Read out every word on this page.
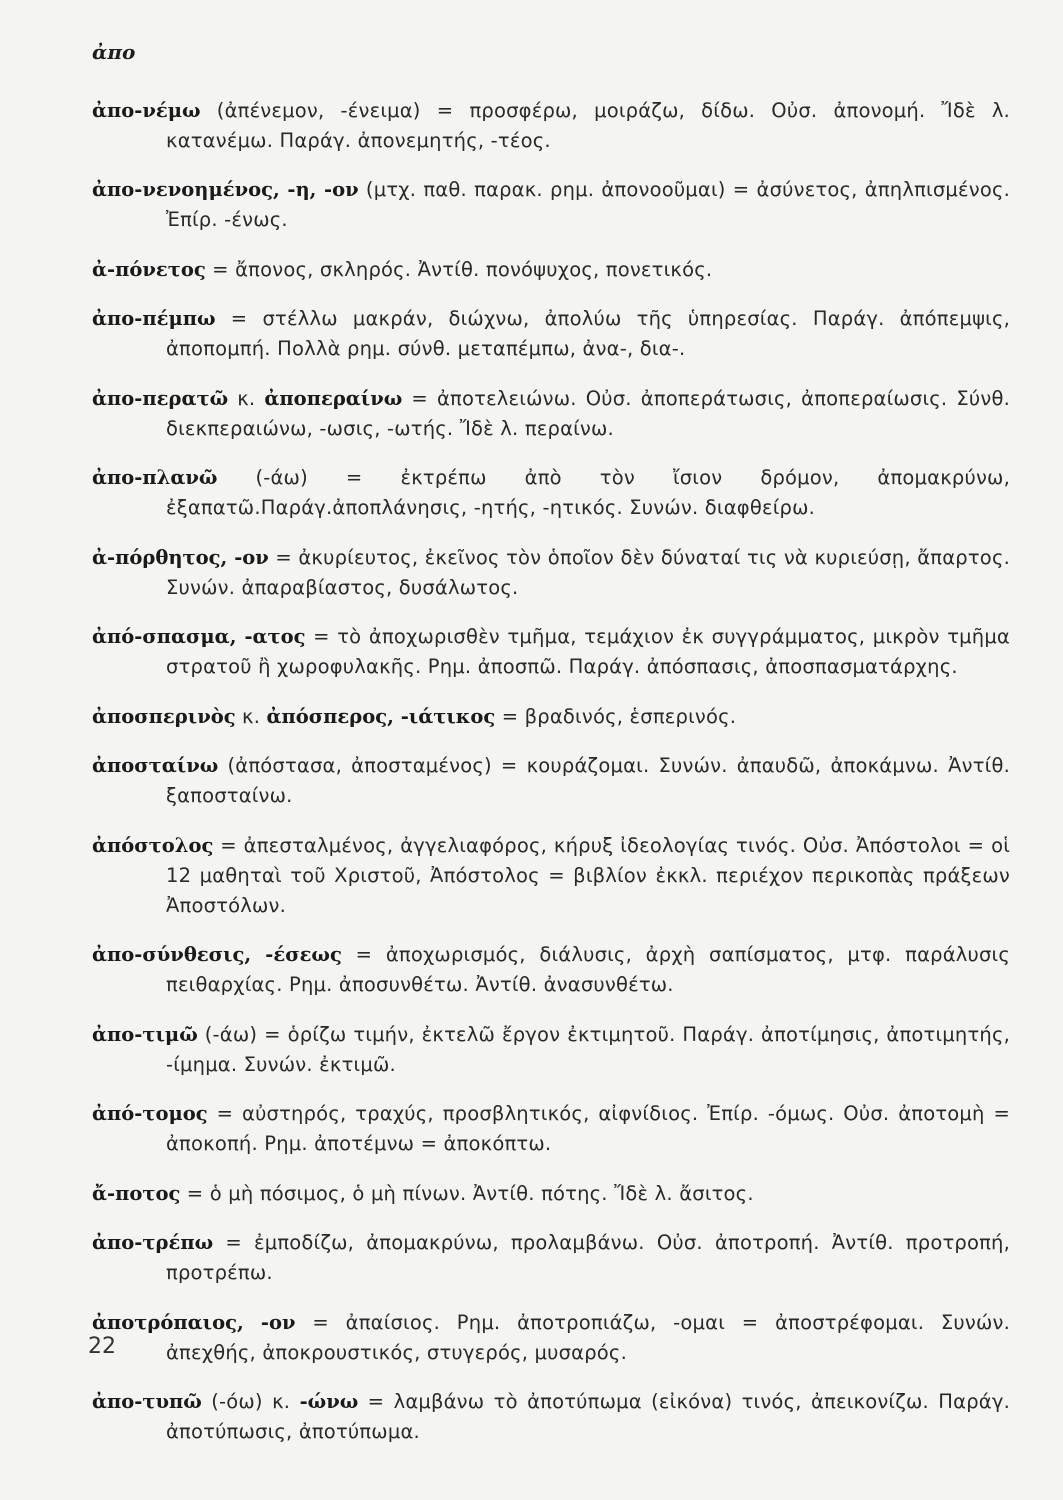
ἀπο

ἀπο-νέμω (ἀπένεμον, -ένειμα) = προσφέρω, μοιράζω, δίδω. Οὐσ. ἀπονομή. Ἴδὲ λ. κατανέμω. Παράγ. ἀπονεμητής, -τέος.

ἀπο-νενοημένος, -η, -ον (μτχ. παθ. παρακ. ρημ. ἀπονοοῦμαι) = ἀσύνετος, ἀπηλπισμένος. Ἐπίρ. -ένως.

ἀ-πόνετος = ἄπονος, σκληρός. Ἀντίθ. πονόψυχος, πονετικός.

ἀπο-πέμπω = στέλλω μακράν, διώχνω, ἀπολύω τῆς ὑπηρεσίας. Παράγ. ἀπόπεμψις, ἀποπομπή. Πολλὰ ρημ. σύνθ. μεταπέμπω, ἀνα-, δια-.

ἀπο-περατῶ κ. ἀποπεραίνω = ἀποτελειώνω. Οὐσ. ἀποπεράτωσις, ἀποπεραίωσις. Σύνθ. διεκπεραιώνω, -ωσις, -ωτής. Ἴδὲ λ. περαίνω.

ἀπο-πλανῶ (-άω) = ἐκτρέπω ἀπὸ τὸν ἴσιον δρόμον, ἀπομακρύνω, ἐξαπατῶ.Παράγ.ἀποπλάνησις, -ητής, -ητικός. Συνών. διαφθείρω.

ἀ-πόρθητος, -ον = ἀκυρίευτος, ἐκεῖνος τὸν ὁποῖον δὲν δύναταί τις νὰ κυριεύσῃ, ἄπαρτος. Συνών. ἀπαραβίαστος, δυσάλωτος.

ἀπό-σπασμα, -ατος = τὸ ἀποχωρισθὲν τμῆμα, τεμάχιον ἐκ συγγράμματος, μικρὸν τμῆμα στρατοῦ ἢ χωροφυλακῆς. Ρημ. ἀποσπῶ. Παράγ. ἀπόσπασις, ἀποσπασματάρχης.

ἀποσπερινὸς κ. ἀπόσπερος, -ιάτικος = βραδινός, ἑσπερινός.

ἀποσταίνω (ἀπόστασα, ἀποσταμένος) = κουράζομαι. Συνών. ἀπαυδῶ, ἀποκάμνω. Ἀντίθ. ξαποσταίνω.

ἀπόστολος = ἀπεσταλμένος, ἀγγελιαφόρος, κήρυξ ἰδεολογίας τινός. Οὐσ. Ἀπόστολοι = οἱ 12 μαθηταὶ τοῦ Χριστοῦ, Ἀπόστολος = βιβλίον ἐκκλ. περιέχον περικοπὰς πράξεων Ἀποστόλων.

ἀπο-σύνθεσις, -έσεως = ἀποχωρισμός, διάλυσις, ἀρχὴ σαπίσματος, μτφ. παράλυσις πειθαρχίας. Ρημ. ἀποσυνθέτω. Ἀντίθ. ἀνασυνθέτω.

ἀπο-τιμῶ (-άω) = ὁρίζω τιμήν, ἐκτελῶ ἔργον ἐκτιμητοῦ. Παράγ. ἀποτίμησις, ἀποτιμητής, -ίμημα. Συνών. ἐκτιμῶ.

ἀπό-τομος = αὐστηρός, τραχύς, προσβλητικός, αἰφνίδιος. Ἐπίρ. -όμως. Οὐσ. ἀποτομὴ = ἀποκοπή. Ρημ. ἀποτέμνω = ἀποκόπτω.

ἄ-ποτος = ὁ μὴ πόσιμος, ὁ μὴ πίνων. Ἀντίθ. πότης. Ἴδὲ λ. ἄσιτος.

ἀπο-τρέπω = ἐμποδίζω, ἀπομακρύνω, προλαμβάνω. Οὐσ. ἀποτροπή. Ἀντίθ. προτροπή, προτρέπω.

ἀποτρόπαιος, -ον = ἀπαίσιος. Ρημ. ἀποτροπιάζω, -ομαι = ἀποστρέφομαι. Συνών. ἀπεχθής, ἀποκρουστικός, στυγερός, μυσαρός.

ἀπο-τυπῶ (-όω) κ. -ώνω = λαμβάνω τὸ ἀποτύπωμα (εἰκόνα) τινός, ἀπεικονίζω. Παράγ. ἀποτύπωσις, ἀποτύπωμα.

22
